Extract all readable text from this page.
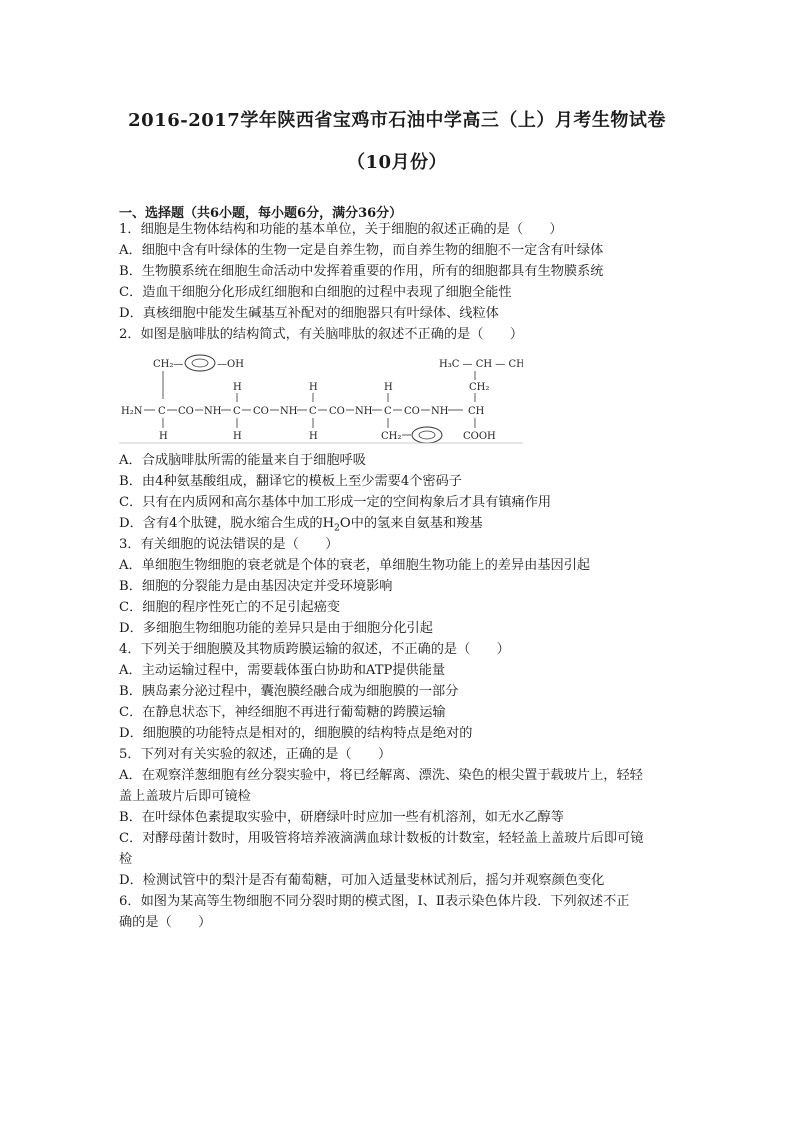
2016-2017学年陕西省宝鸡市石油中学高三（上）月考生物试卷
（10月份）
一、选择题（共6小题，每小题6分，满分36分）
1．细胞是生物体结构和功能的基本单位，关于细胞的叙述正确的是（　　）
A．细胞中含有叶绿体的生物一定是自养生物，而自养生物的细胞不一定含有叶绿体
B．生物膜系统在细胞生命活动中发挥着重要的作用，所有的细胞都具有生物膜系统
C．造血干细胞分化形成红细胞和白细胞的过程中表现了细胞全能性
D．真核细胞中能发生碱基互补配对的细胞器只有叶绿体、线粒体
2．如图是脑啡肽的结构简式，有关脑啡肽的叙述不正确的是（　　）
CH₂—	—OH	H₃C — CH — CH₃
CH₂
H	H	H
H₂N C CO NH C CO NH C CO NH C CO NH CH
H	H	H	CH₂	COOH
A．合成脑啡肽所需的能量来自于细胞呼吸
B．由4种氨基酸组成，翻译它的模板上至少需要4个密码子
C．只有在内质网和高尔基体中加工形成一定的空间构象后才具有镇痛作用
D．含有4个肽键，脱水缩合生成的$H_2O$中的氢来自氨基和羧基
3．有关细胞的说法错误的是（　　）
A．单细胞生物细胞的衰老就是个体的衰老，单细胞生物功能上的差异由基因引起
B．细胞的分裂能力是由基因决定并受环境影响
C．细胞的程序性死亡的不足引起癌变
D．多细胞生物细胞功能的差异只是由于细胞分化引起
4．下列关于细胞膜及其物质跨膜运输的叙述，不正确的是（　　）
A．主动运输过程中，需要载体蛋白协助和ATP提供能量
B．胰岛素分泌过程中，囊泡膜经融合成为细胞膜的一部分
C．在静息状态下，神经细胞不再进行葡萄糖的跨膜运输
D．细胞膜的功能特点是相对的，细胞膜的结构特点是绝对的
5．下列对有关实验的叙述，正确的是（　　）
A．在观察洋葱细胞有丝分裂实验中，将已经解离、漂洗、染色的根尖置于载玻片上，轻轻
盖上盖玻片后即可镜检
B．在叶绿体色素提取实验中，研磨绿叶时应加一些有机溶剂，如无水乙醇等
C．对酵母菌计数时，用吸管将培养液滴满血球计数板的计数室，轻轻盖上盖玻片后即可镜
检
D．检测试管中的梨汁是否有葡萄糖，可加入适量斐林试剂后，摇匀并观察颜色变化
6．如图为某高等生物细胞不同分裂时期的模式图，Ⅰ、Ⅱ表示染色体片段．下列叙述不正
确的是（　　）
